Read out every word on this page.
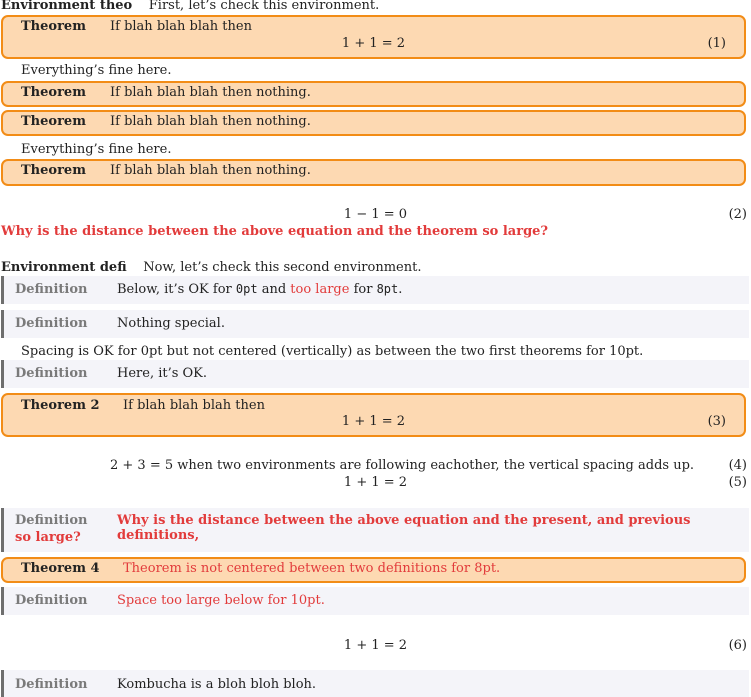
Environment theo First, let’s check this environment.
Theorem If blah blah blah then
1 + 1 = 2	(1)
Everything’s fine here.
Theorem If blah blah blah then nothing.
Theorem If blah blah blah then nothing.
Everything’s fine here.
Theorem If blah blah blah then nothing.
1 − 1 = 0	(2)
Why is the distance between the above equation and the theorem so large?
Environment defi Now, let’s check this second environment.
Definition Below, it’s OK for 0pt and too large for 8pt.
Definition Nothing special.
Spacing is OK for 0pt but not centered (vertically) as between the two first theorems for 10pt.
Definition Here, it’s OK.
Theorem 2 If blah blah blah then
1 + 1 = 2	(3)
2 + 3 = 5 when two environments are following eachother, the vertical spacing adds up.	(4)
1 + 1 = 2	(5)
Definition Why is the distance between the above equation and the present, and previous definitions,
so large?
Theorem 4 Theorem is not centered between two definitions for 8pt.
Definition Space too large below for 10pt.
1 + 1 = 2	(6)
Definition Kombucha is a bloh bloh bloh.
